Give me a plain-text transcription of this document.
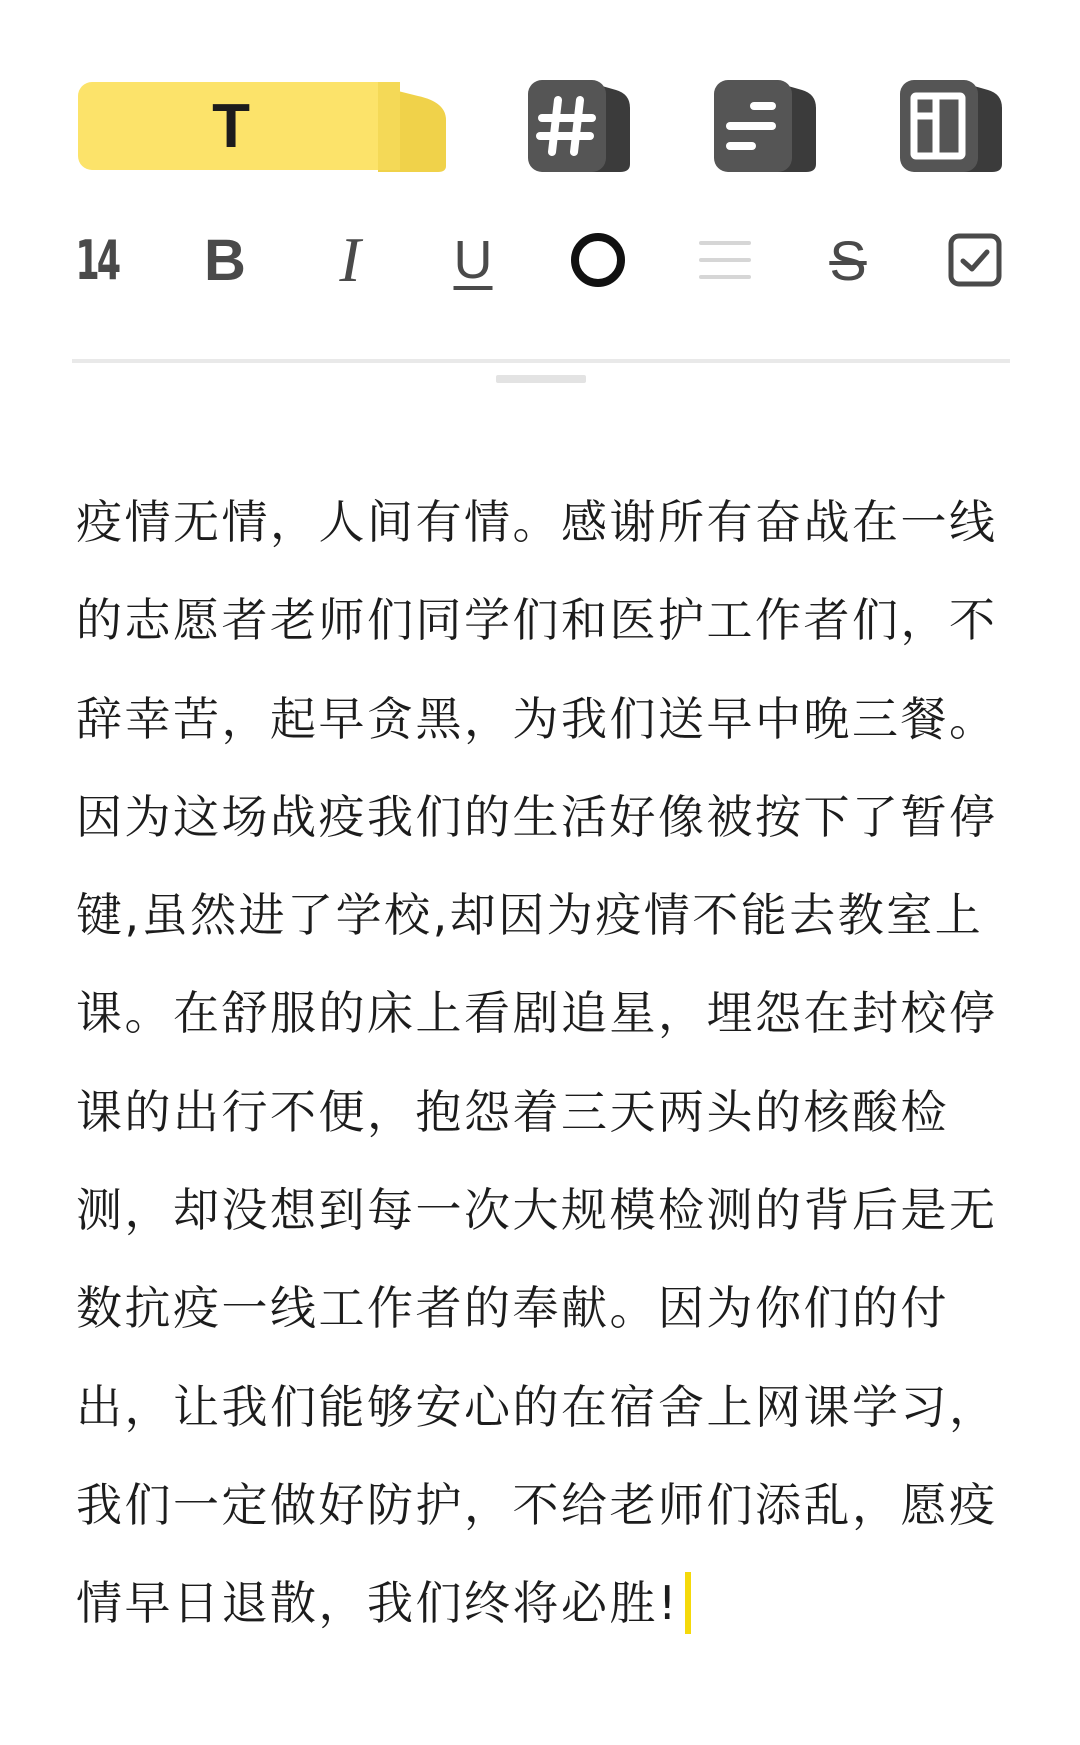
T
14 B I U	S
疫情无情，人间有情。感谢所有奋战在一线
的志愿者老师们同学们和医护工作者们，不
辞幸苦，起早贪黑，为我们送早中晚三餐。
因为这场战疫我们的生活好像被按下了暂停
键,虽然进了学校,却因为疫情不能去教室上
课。在舒服的床上看剧追星，埋怨在封校停
课的出行不便，抱怨着三天两头的核酸检
测，却没想到每一次大规模检测的背后是无
数抗疫一线工作者的奉献。因为你们的付
出，让我们能够安心的在宿舍上网课学习，
我们一定做好防护，不给老师们添乱，愿疫
情早日退散，我们终将必胜!
